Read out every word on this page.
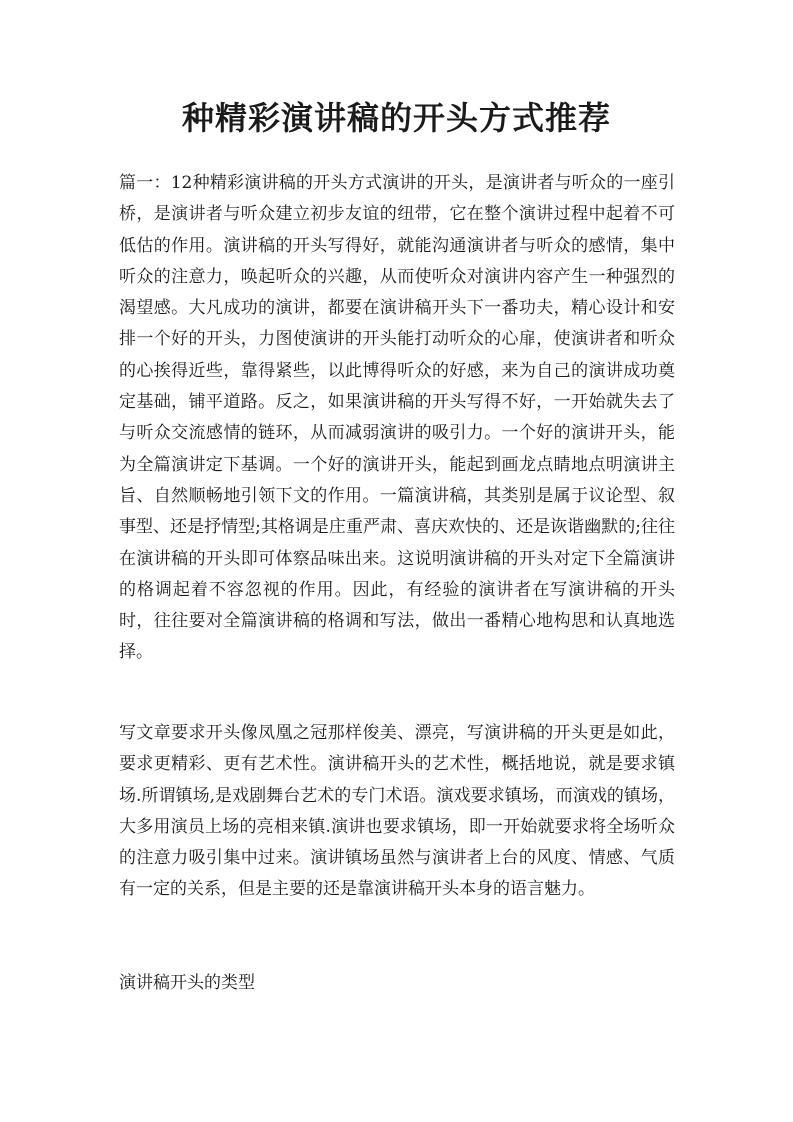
种精彩演讲稿的开头方式推荐

篇一：12种精彩演讲稿的开头方式演讲的开头，是演讲者与听众的一座引桥，是演讲者与听众建立初步友谊的纽带，它在整个演讲过程中起着不可低估的作用。演讲稿的开头写得好，就能沟通演讲者与听众的感情，集中听众的注意力，唤起听众的兴趣，从而使听众对演讲内容产生一种强烈的渴望感。大凡成功的演讲，都要在演讲稿开头下一番功夫，精心设计和安排一个好的开头，力图使演讲的开头能打动听众的心扉，使演讲者和听众的心挨得近些，靠得紧些，以此博得听众的好感，来为自己的演讲成功奠定基础，铺平道路。反之，如果演讲稿的开头写得不好，一开始就失去了与听众交流感情的链环，从而减弱演讲的吸引力。一个好的演讲开头，能为全篇演讲定下基调。一个好的演讲开头，能起到画龙点睛地点明演讲主旨、自然顺畅地引领下文的作用。一篇演讲稿，其类别是属于议论型、叙事型、还是抒情型;其格调是庄重严肃、喜庆欢快的、还是诙谐幽默的;往往在演讲稿的开头即可体察品味出来。这说明演讲稿的开头对定下全篇演讲的格调起着不容忽视的作用。因此，有经验的演讲者在写演讲稿的开头时，往往要对全篇演讲稿的格调和写法，做出一番精心地构思和认真地选择。

写文章要求开头像凤凰之冠那样俊美、漂亮，写演讲稿的开头更是如此，要求更精彩、更有艺术性。演讲稿开头的艺术性，概括地说，就是要求镇场.所谓镇场,是戏剧舞台艺术的专门术语。演戏要求镇场，而演戏的镇场，大多用演员上场的亮相来镇.演讲也要求镇场，即一开始就要求将全场听众的注意力吸引集中过来。演讲镇场虽然与演讲者上台的风度、情感、气质有一定的关系，但是主要的还是靠演讲稿开头本身的语言魅力。

演讲稿开头的类型
